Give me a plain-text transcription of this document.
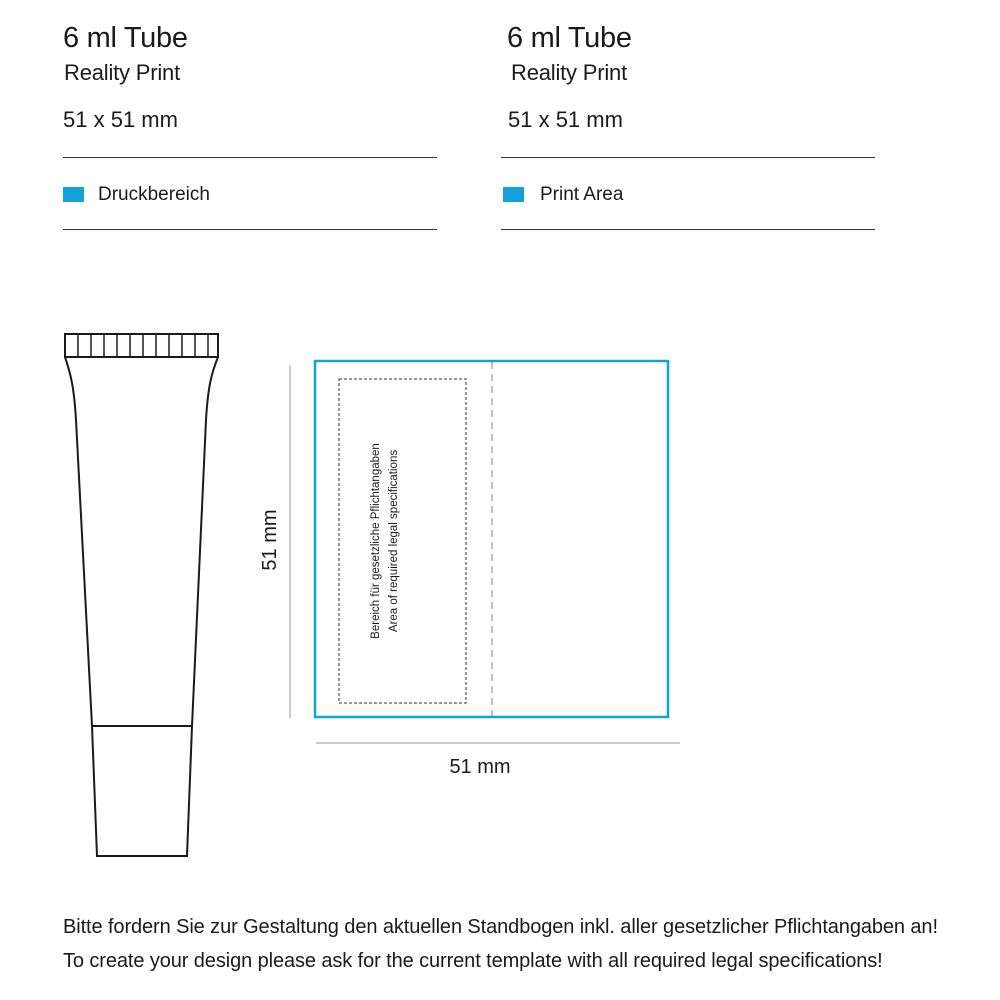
6 ml Tube
Reality Print
51 x 51 mm
Druckbereich
6 ml Tube
Reality Print
51 x 51 mm
Print Area
51 mm	Bereich für gesetzliche Pflichtangaben Area of required legal specifications
51 mm
Bitte fordern Sie zur Gestaltung den aktuellen Standbogen inkl. aller gesetzlicher Pflichtangaben an!
To create your design please ask for the current template with all required legal specifications!
